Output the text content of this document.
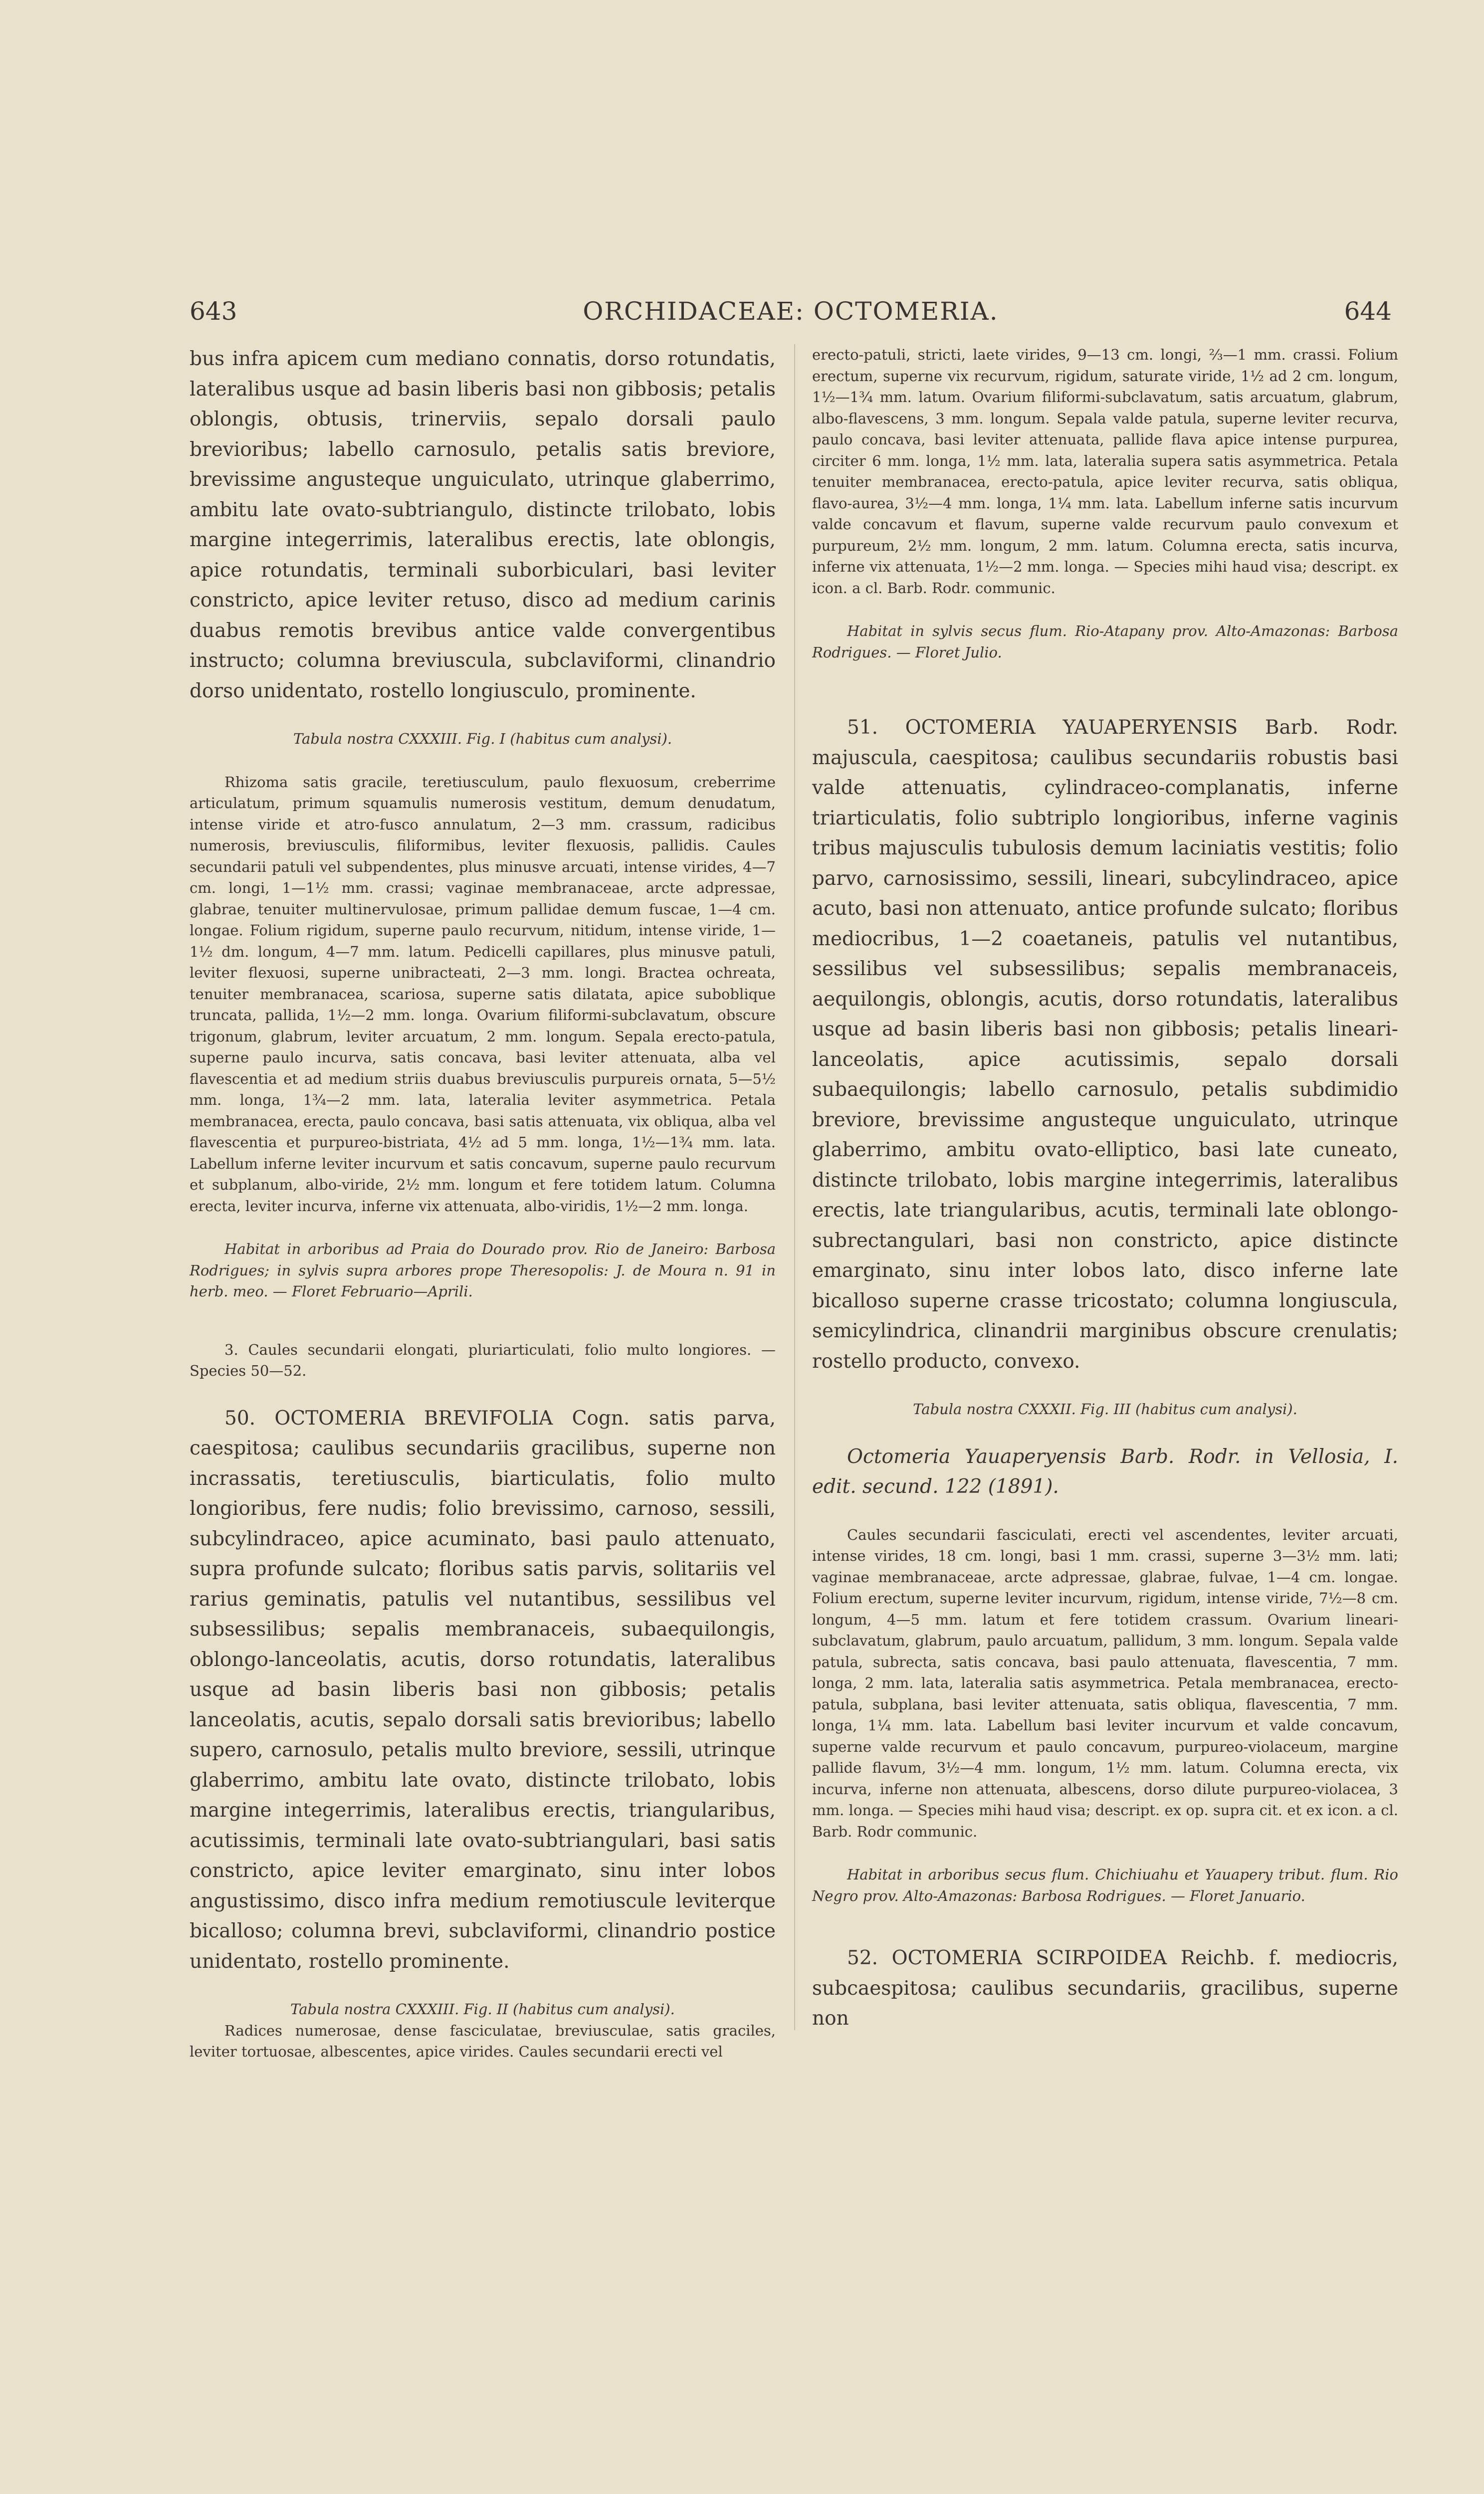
643	ORCHIDACEAE: OCTOMERIA.	644

bus infra apicem cum mediano connatis, dorso rotundatis, lateralibus usque ad basin liberis basi non gibbosis; petalis oblongis, obtusis, trinerviis, sepalo dorsali paulo brevioribus; labello carnosulo, petalis satis breviore, brevissime angusteque unguiculato, utrinque glaberrimo, ambitu late ovato-subtriangulo, distincte trilobato, lobis margine integerrimis, lateralibus erectis, late oblongis, apice rotundatis, terminali suborbiculari, basi leviter constricto, apice leviter retuso, disco ad medium carinis duabus remotis brevibus antice valde convergentibus instructo; columna breviuscula, subclaviformi, clinandrio dorso unidentato, rostello longiusculo, prominente.

Tabula nostra CXXXIII. Fig. I (habitus cum analysi).

Rhizoma satis gracile, teretiusculum, paulo flexuosum, creberrime articulatum, primum squamulis numerosis vestitum, demum denudatum, intense viride et atro-fusco annulatum, 2—3 mm. crassum, radicibus numerosis, breviusculis, filiformibus, leviter flexuosis, pallidis. Caules secundarii patuli vel subpendentes, plus minusve arcuati, intense virides, 4—7 cm. longi, 1—1½ mm. crassi; vaginae membranaceae, arcte adpressae, glabrae, tenuiter multinervulosae, primum pallidae demum fuscae, 1—4 cm. longae. Folium rigidum, superne paulo recurvum, nitidum, intense viride, 1—1½ dm. longum, 4—7 mm. latum. Pedicelli capillares, plus minusve patuli, leviter flexuosi, superne unibracteati, 2—3 mm. longi. Bractea ochreata, tenuiter membranacea, scariosa, superne satis dilatata, apice suboblique truncata, pallida, 1½—2 mm. longa. Ovarium filiformi-subclavatum, obscure trigonum, glabrum, leviter arcuatum, 2 mm. longum. Sepala erecto-patula, superne paulo incurva, satis concava, basi leviter attenuata, alba vel flavescentia et ad medium striis duabus breviusculis purpureis ornata, 5—5½ mm. longa, 1¾—2 mm. lata, lateralia leviter asymmetrica. Petala membranacea, erecta, paulo concava, basi satis attenuata, vix obliqua, alba vel flavescentia et purpureo-bistriata, 4½ ad 5 mm. longa, 1½—1¾ mm. lata. Labellum inferne leviter incurvum et satis concavum, superne paulo recurvum et subplanum, albo-viride, 2½ mm. longum et fere totidem latum. Columna erecta, leviter incurva, inferne vix attenuata, albo-viridis, 1½—2 mm. longa.

Habitat in arboribus ad Praia do Dourado prov. Rio de Janeiro: Barbosa Rodrigues; in sylvis supra arbores prope Theresopolis: J. de Moura n. 91 in herb. meo. — Floret Februario—Aprili.

3. Caules secundarii elongati, pluriarticulati, folio multo longiores. — Species 50—52.

50. OCTOMERIA BREVIFOLIA Cogn. satis parva, caespitosa; caulibus secundariis gracilibus, superne non incrassatis, teretiusculis, biarticulatis, folio multo longioribus, fere nudis; folio brevissimo, carnoso, sessili, subcylindraceo, apice acuminato, basi paulo attenuato, supra profunde sulcato; floribus satis parvis, solitariis vel rarius geminatis, patulis vel nutantibus, sessilibus vel subsessilibus; sepalis membranaceis, subaequilongis, oblongo-lanceolatis, acutis, dorso rotundatis, lateralibus usque ad basin liberis basi non gibbosis; petalis lanceolatis, acutis, sepalo dorsali satis brevioribus; labello supero, carnosulo, petalis multo breviore, sessili, utrinque glaberrimo, ambitu late ovato, distincte trilobato, lobis margine integerrimis, lateralibus erectis, triangularibus, acutissimis, terminali late ovato-subtriangulari, basi satis constricto, apice leviter emarginato, sinu inter lobos angustissimo, disco infra medium remotiuscule leviterque bicalloso; columna brevi, subclaviformi, clinandrio postice unidentato, rostello prominente.

Tabula nostra CXXXIII. Fig. II (habitus cum analysi).

Radices numerosae, dense fasciculatae, breviusculae, satis graciles, leviter tortuosae, albescentes, apice virides. Caules secundarii erecti vel

erecto-patuli, stricti, laete virides, 9—13 cm. longi, ⅔—1 mm. crassi. Folium erectum, superne vix recurvum, rigidum, saturate viride, 1½ ad 2 cm. longum, 1½—1¾ mm. latum. Ovarium filiformi-subclavatum, satis arcuatum, glabrum, albo-flavescens, 3 mm. longum. Sepala valde patula, superne leviter recurva, paulo concava, basi leviter attenuata, pallide flava apice intense purpurea, circiter 6 mm. longa, 1½ mm. lata, lateralia supera satis asymmetrica. Petala tenuiter membranacea, erecto-patula, apice leviter recurva, satis obliqua, flavo-aurea, 3½—4 mm. longa, 1¼ mm. lata. Labellum inferne satis incurvum valde concavum et flavum, superne valde recurvum paulo convexum et purpureum, 2½ mm. longum, 2 mm. latum. Columna erecta, satis incurva, inferne vix attenuata, 1½—2 mm. longa. — Species mihi haud visa; descript. ex icon. a cl. Barb. Rodr. communic.

Habitat in sylvis secus flum. Rio-Atapany prov. Alto-Amazonas: Barbosa Rodrigues. — Floret Julio.

51. OCTOMERIA YAUAPERYENSIS Barb. Rodr. majuscula, caespitosa; caulibus secundariis robustis basi valde attenuatis, cylindraceo-complanatis, inferne triarticulatis, folio subtriplo longioribus, inferne vaginis tribus majusculis tubulosis demum laciniatis vestitis; folio parvo, carnosissimo, sessili, lineari, subcylindraceo, apice acuto, basi non attenuato, antice profunde sulcato; floribus mediocribus, 1—2 coaetaneis, patulis vel nutantibus, sessilibus vel subsessilibus; sepalis membranaceis, aequilongis, oblongis, acutis, dorso rotundatis, lateralibus usque ad basin liberis basi non gibbosis; petalis lineari-lanceolatis, apice acutissimis, sepalo dorsali subaequilongis; labello carnosulo, petalis subdimidio breviore, brevissime angusteque unguiculato, utrinque glaberrimo, ambitu ovato-elliptico, basi late cuneato, distincte trilobato, lobis margine integerrimis, lateralibus erectis, late triangularibus, acutis, terminali late oblongo-subrectangulari, basi non constricto, apice distincte emarginato, sinu inter lobos lato, disco inferne late bicalloso superne crasse tricostato; columna longiuscula, semicylindrica, clinandrii marginibus obscure crenulatis; rostello producto, convexo.

Tabula nostra CXXXII. Fig. III (habitus cum analysi).

Octomeria Yauaperyensis Barb. Rodr. in Vellosia, I. edit. secund. 122 (1891).

Caules secundarii fasciculati, erecti vel ascendentes, leviter arcuati, intense virides, 18 cm. longi, basi 1 mm. crassi, superne 3—3½ mm. lati; vaginae membranaceae, arcte adpressae, glabrae, fulvae, 1—4 cm. longae. Folium erectum, superne leviter incurvum, rigidum, intense viride, 7½—8 cm. longum, 4—5 mm. latum et fere totidem crassum. Ovarium lineari-subclavatum, glabrum, paulo arcuatum, pallidum, 3 mm. longum. Sepala valde patula, subrecta, satis concava, basi paulo attenuata, flavescentia, 7 mm. longa, 2 mm. lata, lateralia satis asymmetrica. Petala membranacea, erecto-patula, subplana, basi leviter attenuata, satis obliqua, flavescentia, 7 mm. longa, 1¼ mm. lata. Labellum basi leviter incurvum et valde concavum, superne valde recurvum et paulo concavum, purpureo-violaceum, margine pallide flavum, 3½—4 mm. longum, 1½ mm. latum. Columna erecta, vix incurva, inferne non attenuata, albescens, dorso dilute purpureo-violacea, 3 mm. longa. — Species mihi haud visa; descript. ex op. supra cit. et ex icon. a cl. Barb. Rodr communic.

Habitat in arboribus secus flum. Chichiuahu et Yauapery tribut. flum. Rio Negro prov. Alto-Amazonas: Barbosa Rodrigues. — Floret Januario.

52. OCTOMERIA SCIRPOIDEA Reichb. f. mediocris, subcaespitosa; caulibus secundariis, gracilibus, superne non
